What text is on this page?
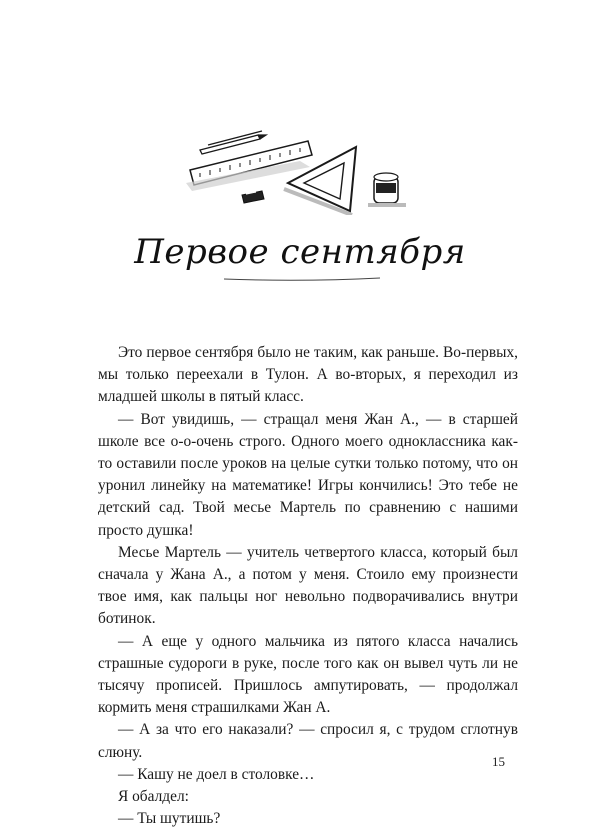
Первое сентября

Это первое сентября было не таким, как раньше. Во-первых, мы только переехали в Тулон. А во-вторых, я переходил из младшей школы в пятый класс.

— Вот увидишь, — стращал меня Жан А., — в старшей школе все о-о-очень строго. Одного моего одноклассника как-то оставили после уроков на целые сутки только потому, что он уронил линейку на математике! Игры кончились! Это тебе не детский сад. Твой месье Мартель по сравнению с нашими просто душка!

Месье Мартель — учитель четвертого класса, который был сначала у Жана А., а потом у меня. Стоило ему произнести твое имя, как пальцы ног невольно подворачивались внутри ботинок.

— А еще у одного мальчика из пятого класса начались страшные судороги в руке, после того как он вывел чуть ли не тысячу прописей. Пришлось ампутировать, — продолжал кормить меня страшилками Жан А.

— А за что его наказали? — спросил я, с трудом сглотнув слюну.

— Кашу не доел в столовке…

Я обалдел:

— Ты шутишь?

15
